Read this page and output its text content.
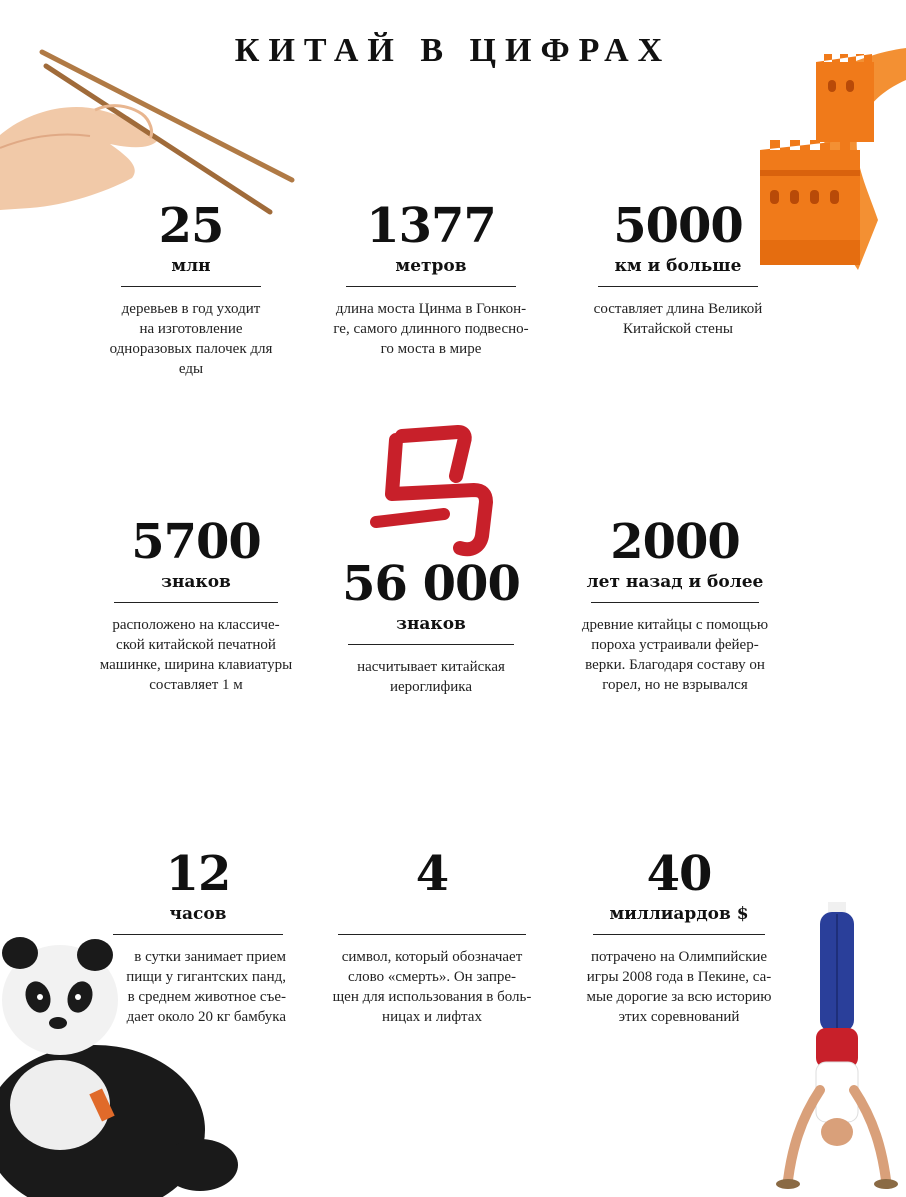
КИТАЙ В ЦИФРАХ
25
млн
деревьев в год уходит
на изготовление
одноразовых палочек для еды
1377
метров
длина моста Цинма в Гонкон-
ге, самого длинного подвесно-
го моста в мире
5000
км и больше
составляет длина Великой
Китайской стены
5700
знаков
расположено на классиче-
ской китайской печатной
машинке, ширина клавиатуры
составляет 1 м
56 000
знаков
насчитывает китайская
иероглифика
2000
лет назад и более
древние китайцы с помощью
пороха устраивали фейер-
верки. Благодаря составу он
горел, но не взрывался
12
часов
в сутки занимает прием
пищи у гигантских панд,
в среднем животное съе-
дает около 20 кг бамбука
4
символ, который обозначает
слово «смерть». Он запре-
щен для использования в боль-
ницах и лифтах
40
миллиардов $
потрачено на Олимпийские
игры 2008 года в Пекине, са-
мые дорогие за всю историю
этих соревнований
